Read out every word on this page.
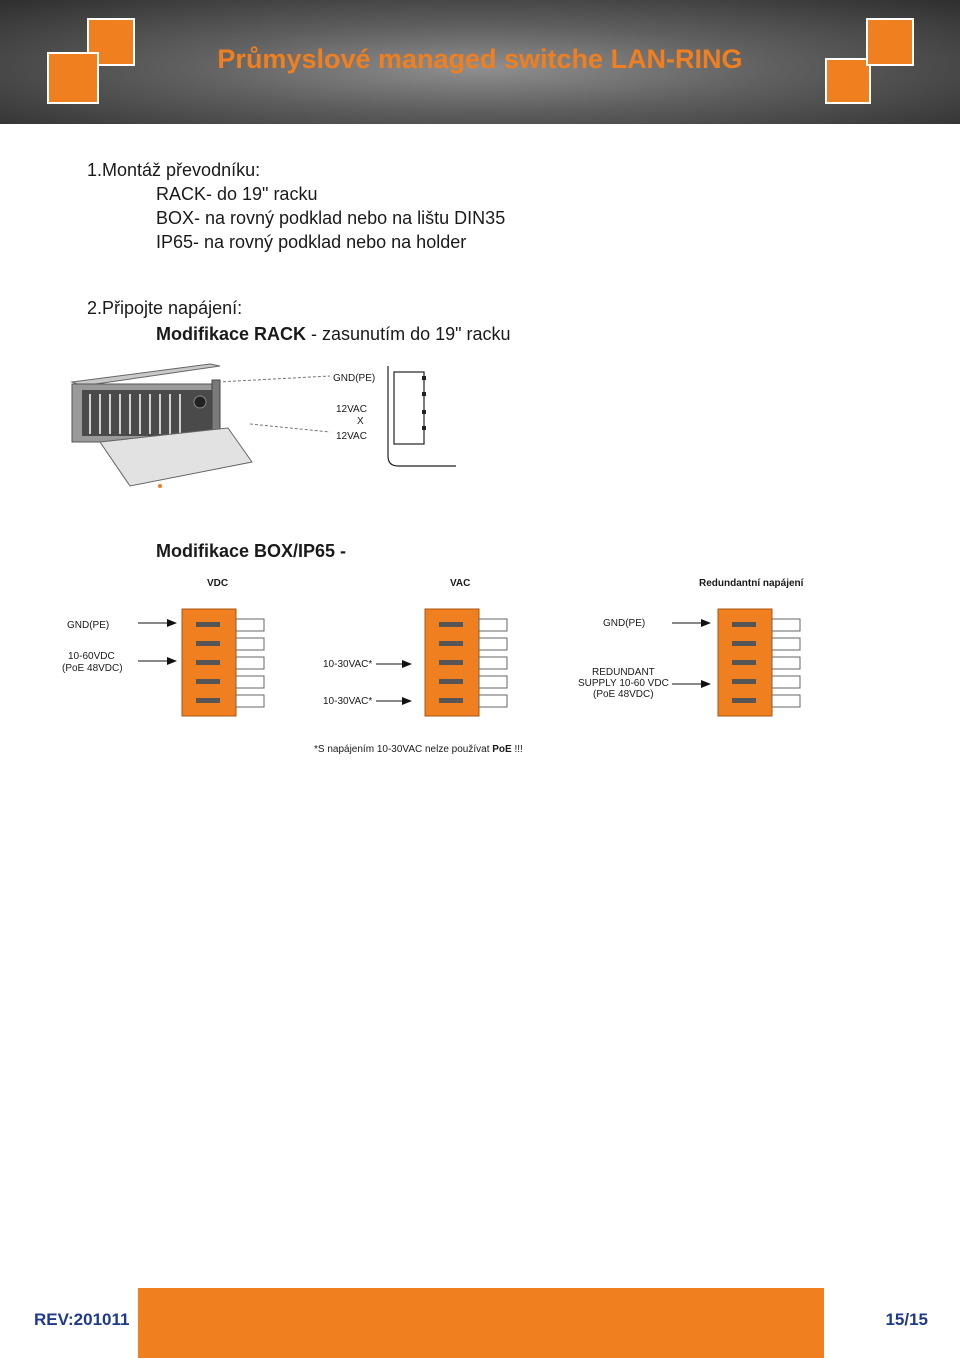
Průmyslové managed switche LAN-RING
1.Montáž převodníku:
RACK- do 19" racku
BOX- na rovný podklad nebo na lištu DIN35
IP65- na rovný podklad nebo na holder
2.Připojte napájení:
Modifikace RACK - zasunutím do 19" racku
GND(PE)
12VAC
X
12VAC
Modifikace BOX/IP65 -
VDC	VAC	Redundantní napájení
GND(PE)
10-60VDC
(PoE 48VDC)	10-30VAC*
10-30VAC*
GND(PE)
REDUNDANT
SUPPLY 10-60 VDC
(PoE 48VDC)
*S napájením 10-30VAC nelze používat PoE !!!
REV:201011	15/15
